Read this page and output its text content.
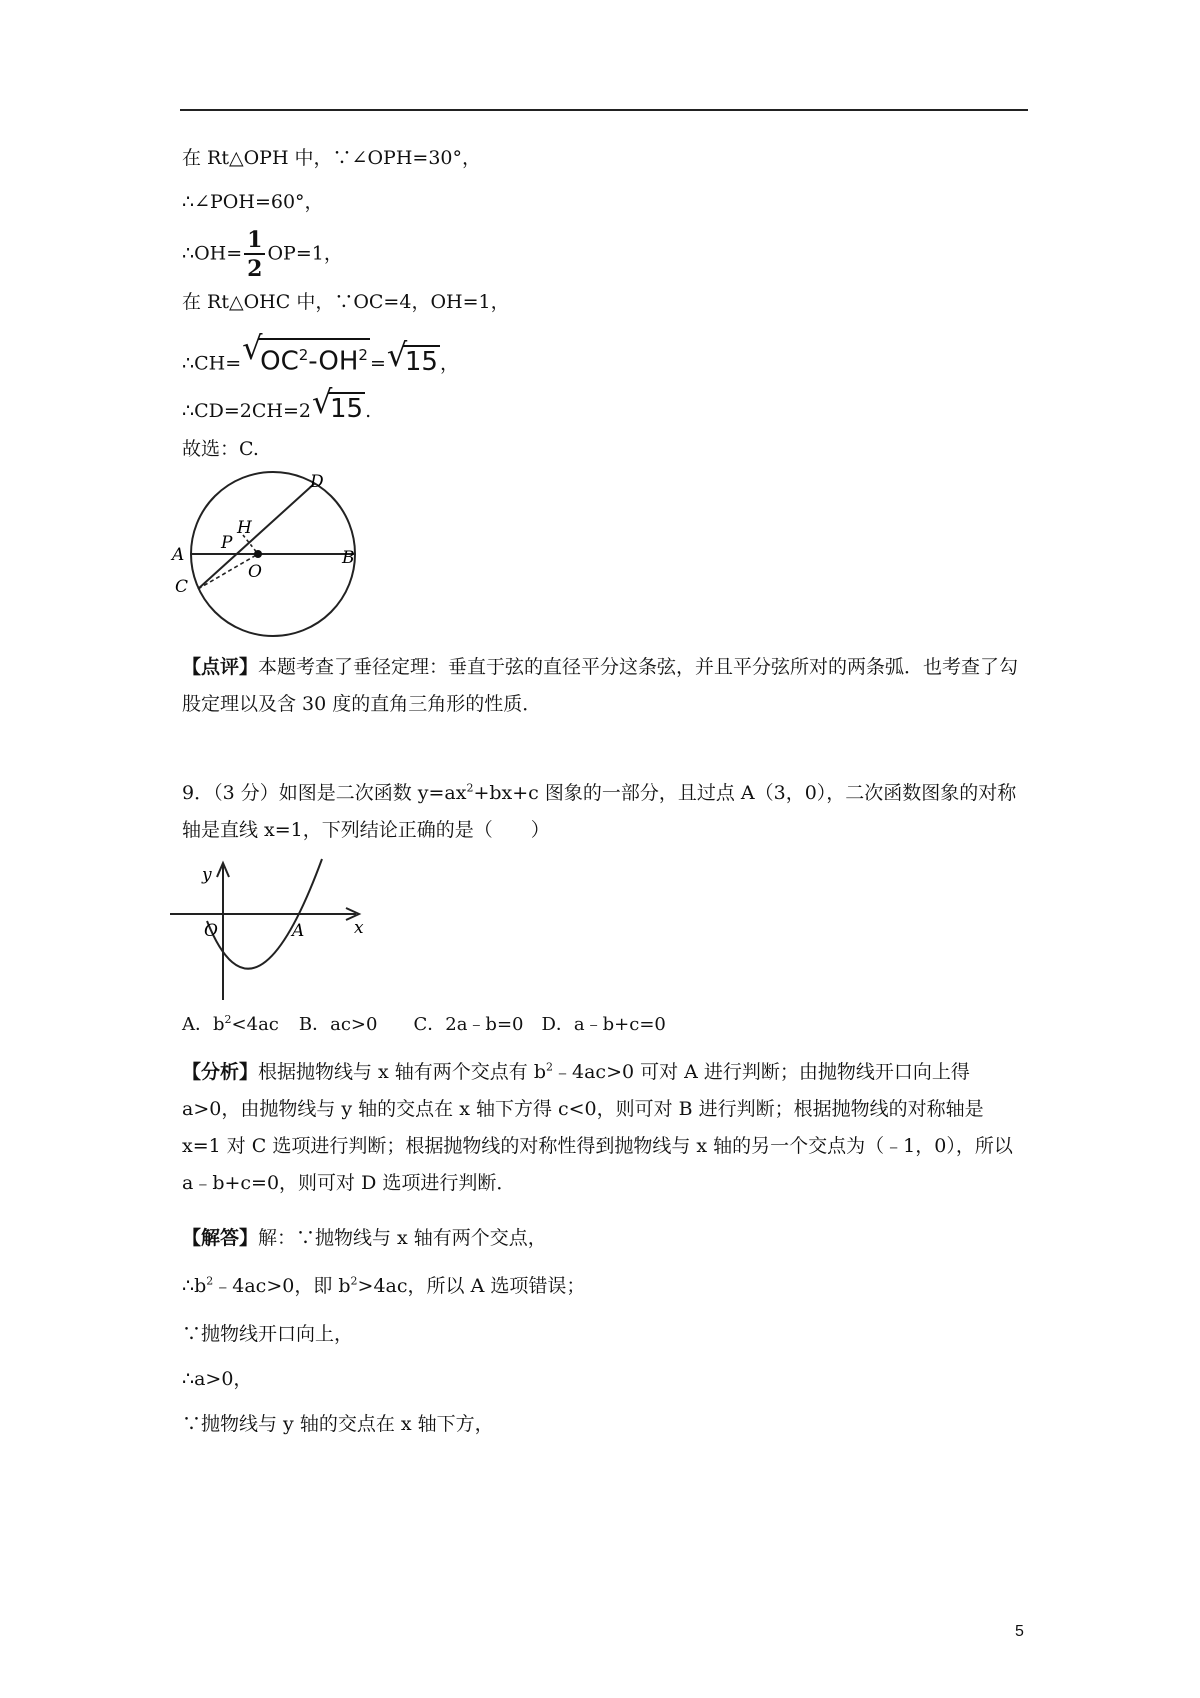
在 Rt△OPH 中，∵∠OPH=30°，
∴∠POH=60°，
∴OH= $\frac{1}{2} OP=1$，
在 Rt△OHC 中，∵OC=4，OH=1，
∴CH= √
$OC^2-OH^2$ = √
15 ，
∴CD=2CH=2 √
15 .
故选：C.
A	B
C
D
H
P
O

【点评】本题考查了垂径定理：垂直于弦的直径平分这条弦，并且平分弦所对的两条弧．也考查了勾股定理以及含 30 度的直角三角形的性质．

9．（3 分）如图是二次函数 $y=ax^2+bx+c$ 图象的一部分，且过点 A（3，0），二次函数图象的对称轴是直线 x=1，下列结论正确的是（　　）

y
x
O	A
A．$b^2<4ac$ B．ac>0 C．2a﹣b=0 D．a﹣b+c=0

【分析】根据抛物线与 x 轴有两个交点有 $b^2﹣4ac>0$ 可对 A 进行判断；由抛物线开口向上得 a>0，由抛物线与 y 轴的交点在 x 轴下方得 c<0，则可对 B 进行判断；根据抛物线的对称轴是 x=1 对 C 选项进行判断；根据抛物线的对称性得到抛物线与 x 轴的另一个交点为（﹣1，0），所以 a﹣b+c=0，则可对 D 选项进行判断．

【解答】解：∵抛物线与 x 轴有两个交点，
$\therefore b^2﹣4ac>0$，即 $b^2>4ac$，所以 A 选项错误；
∵抛物线开口向上，
∴a>0，
∵抛物线与 y 轴的交点在 x 轴下方，
5
